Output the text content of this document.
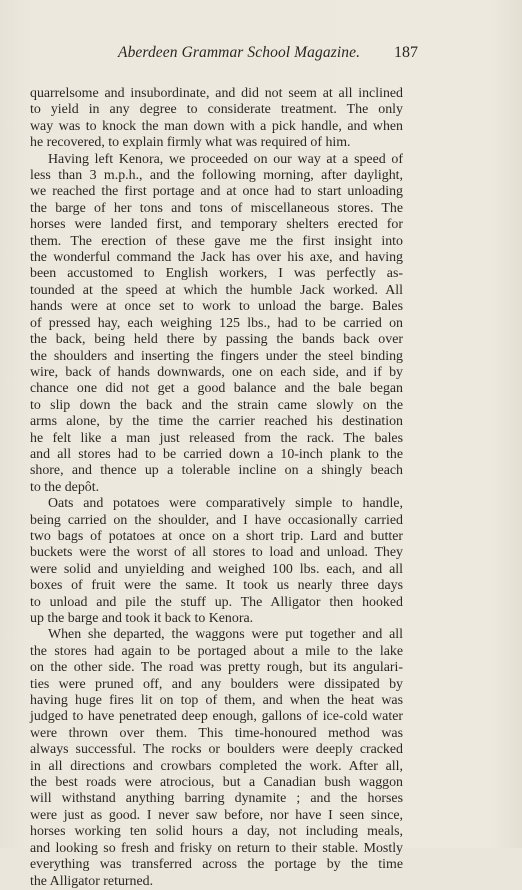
Aberdeen Grammar School Magazine. 187

quarrelsome and insubordinate, and did not seem at all inclined
to yield in any degree to considerate treatment. The only
way was to knock the man down with a pick handle, and when
he recovered, to explain firmly what was required of him.

Having left Kenora, we proceeded on our way at a speed of
less than 3 m.p.h., and the following morning, after daylight,
we reached the first portage and at once had to start unloading
the barge of her tons and tons of miscellaneous stores. The
horses were landed first, and temporary shelters erected for
them. The erection of these gave me the first insight into
the wonderful command the Jack has over his axe, and having
been accustomed to English workers, I was perfectly as-
tounded at the speed at which the humble Jack worked. All
hands were at once set to work to unload the barge. Bales
of pressed hay, each weighing 125 lbs., had to be carried on
the back, being held there by passing the bands back over
the shoulders and inserting the fingers under the steel binding
wire, back of hands downwards, one on each side, and if by
chance one did not get a good balance and the bale began
to slip down the back and the strain came slowly on the
arms alone, by the time the carrier reached his destination
he felt like a man just released from the rack. The bales
and all stores had to be carried down a 10-inch plank to the
shore, and thence up a tolerable incline on a shingly beach
to the depôt.

Oats and potatoes were comparatively simple to handle,
being carried on the shoulder, and I have occasionally carried
two bags of potatoes at once on a short trip. Lard and butter
buckets were the worst of all stores to load and unload. They
were solid and unyielding and weighed 100 lbs. each, and all
boxes of fruit were the same. It took us nearly three days
to unload and pile the stuff up. The Alligator then hooked
up the barge and took it back to Kenora.

When she departed, the waggons were put together and all
the stores had again to be portaged about a mile to the lake
on the other side. The road was pretty rough, but its angulari-
ties were pruned off, and any boulders were dissipated by
having huge fires lit on top of them, and when the heat was
judged to have penetrated deep enough, gallons of ice-cold water
were thrown over them. This time-honoured method was
always successful. The rocks or boulders were deeply cracked
in all directions and crowbars completed the work. After all,
the best roads were atrocious, but a Canadian bush waggon
will withstand anything barring dynamite ; and the horses
were just as good. I never saw before, nor have I seen since,
horses working ten solid hours a day, not including meals,
and looking so fresh and frisky on return to their stable. Mostly
everything was transferred across the portage by the time
the Alligator returned.
